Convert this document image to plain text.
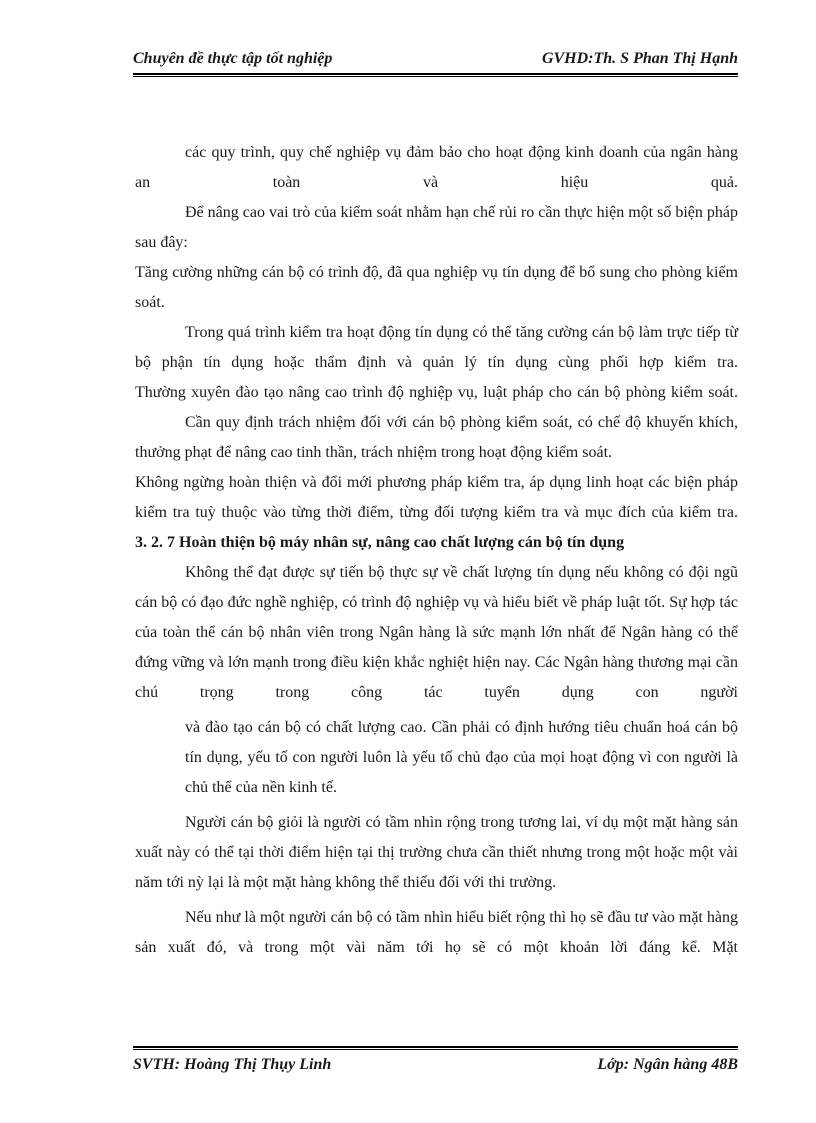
Chuyên đề thực tập tốt nghiệp	GVHD:Th. S Phan Thị Hạnh

các quy trình, quy chế nghiệp vụ đảm bảo cho hoạt động kinh doanh của ngân hàng an toàn và hiệu quả.

Để nâng cao vai trò của kiểm soát nhằm hạn chế rủi ro cần thực hiện một số biện pháp sau đây:

Tăng cường những cán bộ có trình độ, đã qua nghiệp vụ tín dụng để bổ sung cho phòng kiểm soát.

Trong quá trình kiểm tra hoạt động tín dụng có thể tăng cường cán bộ làm trực tiếp từ bộ phận tín dụng hoặc thẩm định và quản lý tín dụng cùng phối hợp kiểm tra.

Thường xuyên đào tạo nâng cao trình độ nghiệp vụ, luật pháp cho cán bộ phòng kiểm soát.

Cần quy định trách nhiệm đối với cán bộ phòng kiểm soát, có chế độ khuyến khích, thưởng phạt để nâng cao tinh thần, trách nhiệm trong hoạt động kiểm soát.

Không ngừng hoàn thiện và đổi mới phương pháp kiểm tra, áp dụng linh hoạt các biện pháp kiểm tra tuỳ thuộc vào từng thời điểm, từng đối tượng kiểm tra và mục đích của kiểm tra.

3. 2. 7 Hoàn thiện bộ máy nhân sự, nâng cao chất lượng cán bộ tín dụng

Không thể đạt được sự tiến bộ thực sự về chất lượng tín dụng nếu không có đội ngũ cán bộ có đạo đức nghề nghiệp, có trình độ nghiệp vụ và hiểu biết về pháp luật tốt. Sự hợp tác của toàn thể cán bộ nhân viên trong Ngân hàng là sức mạnh lớn nhất để Ngân hàng có thể đứng vững và lớn mạnh trong điều kiện khắc nghiệt hiện nay. Các Ngân hàng thương mại cần chú trọng trong công tác tuyển dụng con người

và đào tạo cán bộ có chất lượng cao. Cần phải có định hướng tiêu chuẩn hoá cán bộ tín dụng, yếu tố con người luôn là yếu tố chủ đạo của mọi hoạt động vì con người là chủ thể của nền kinh tế.

Người cán bộ giỏi là người có tầm nhìn rộng trong tương lai, ví dụ một mặt hàng sản xuất này có thể tại thời điểm hiện tại thị trường chưa cần thiết nhưng trong một hoặc một vài năm tới nỳ lại là một mặt hàng không thể thiếu đối với thi trường.

Nếu như là một người cán bộ có tầm nhìn hiểu biết rộng thì họ sẽ đầu tư vào mặt hàng sản xuất đó, và trong một vài năm tới họ sẽ có một khoản lời đáng kể. Mặt

SVTH: Hoàng Thị Thụy Linh	Lớp: Ngân hàng 48B
